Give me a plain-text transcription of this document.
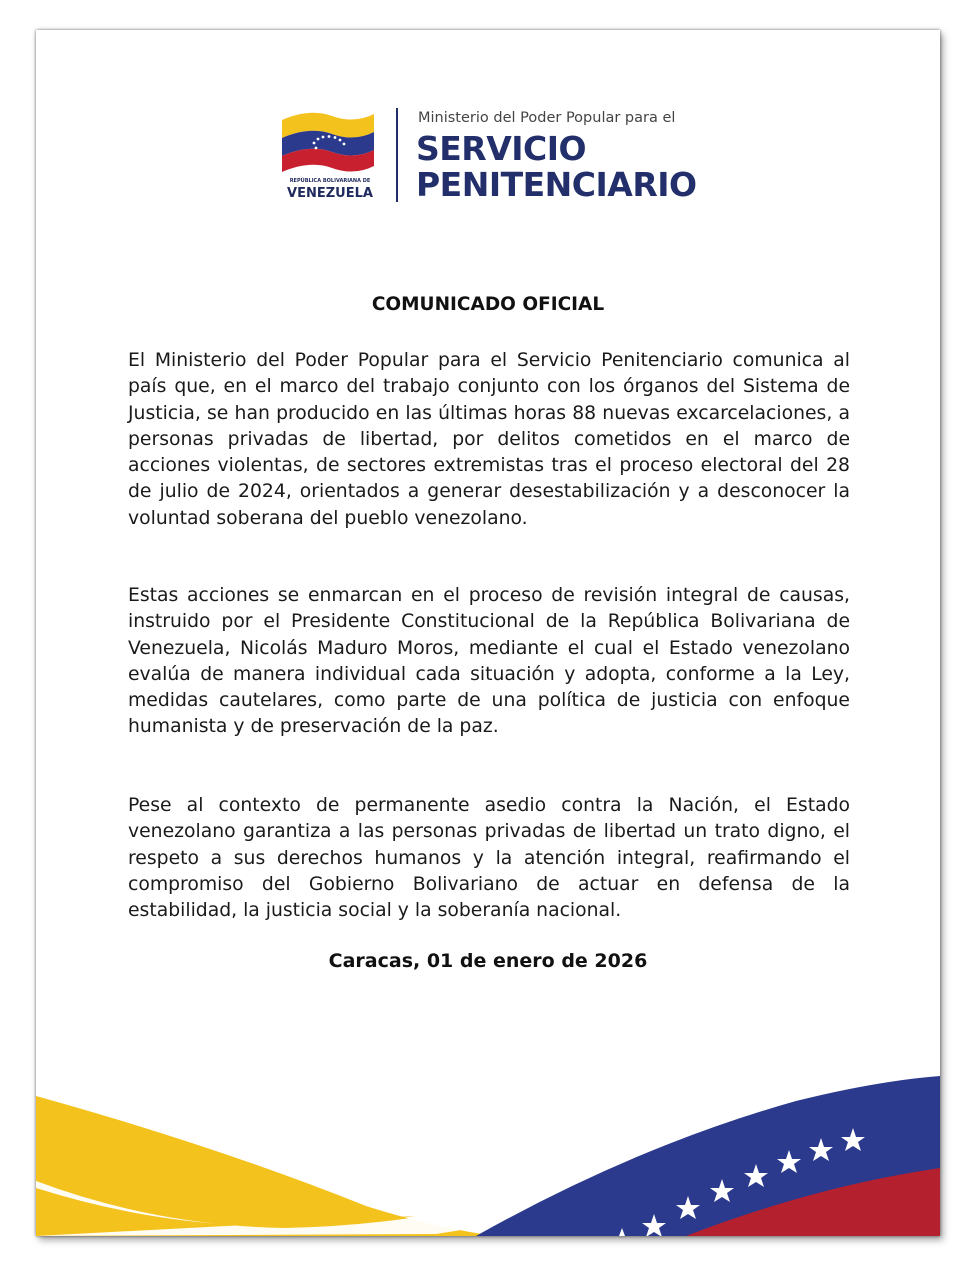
REPÚBLICA BOLIVARIANA DE
VENEZUELA
Ministerio del Poder Popular para el
SERVICIO
PENITENCIARIO
COMUNICADO OFICIAL

El Ministerio del Poder Popular para el Servicio Penitenciario comunica al país que, en el marco del trabajo conjunto con los órganos del Sistema de Justicia, se han producido en las últimas horas 88 nuevas excarcelaciones, a personas privadas de libertad, por delitos cometidos en el marco de acciones violentas, de sectores extremistas tras el proceso electoral del 28 de julio de 2024, orientados a generar desestabilización y a desconocer la voluntad soberana del pueblo venezolano.

Estas acciones se enmarcan en el proceso de revisión integral de causas, instruido por el Presidente Constitucional de la República Bolivariana de Venezuela, Nicolás Maduro Moros, mediante el cual el Estado venezolano evalúa de manera individual cada situación y adopta, conforme a la Ley, medidas cautelares, como parte de una política de justicia con enfoque humanista y de preservación de la paz.

Pese al contexto de permanente asedio contra la Nación, el Estado venezolano garantiza a las personas privadas de libertad un trato digno, el respeto a sus derechos humanos y la atención integral, reafirmando el compromiso del Gobierno Bolivariano de actuar en defensa de la estabilidad, la justicia social y la soberanía nacional.

Caracas, 01 de enero de 2026
